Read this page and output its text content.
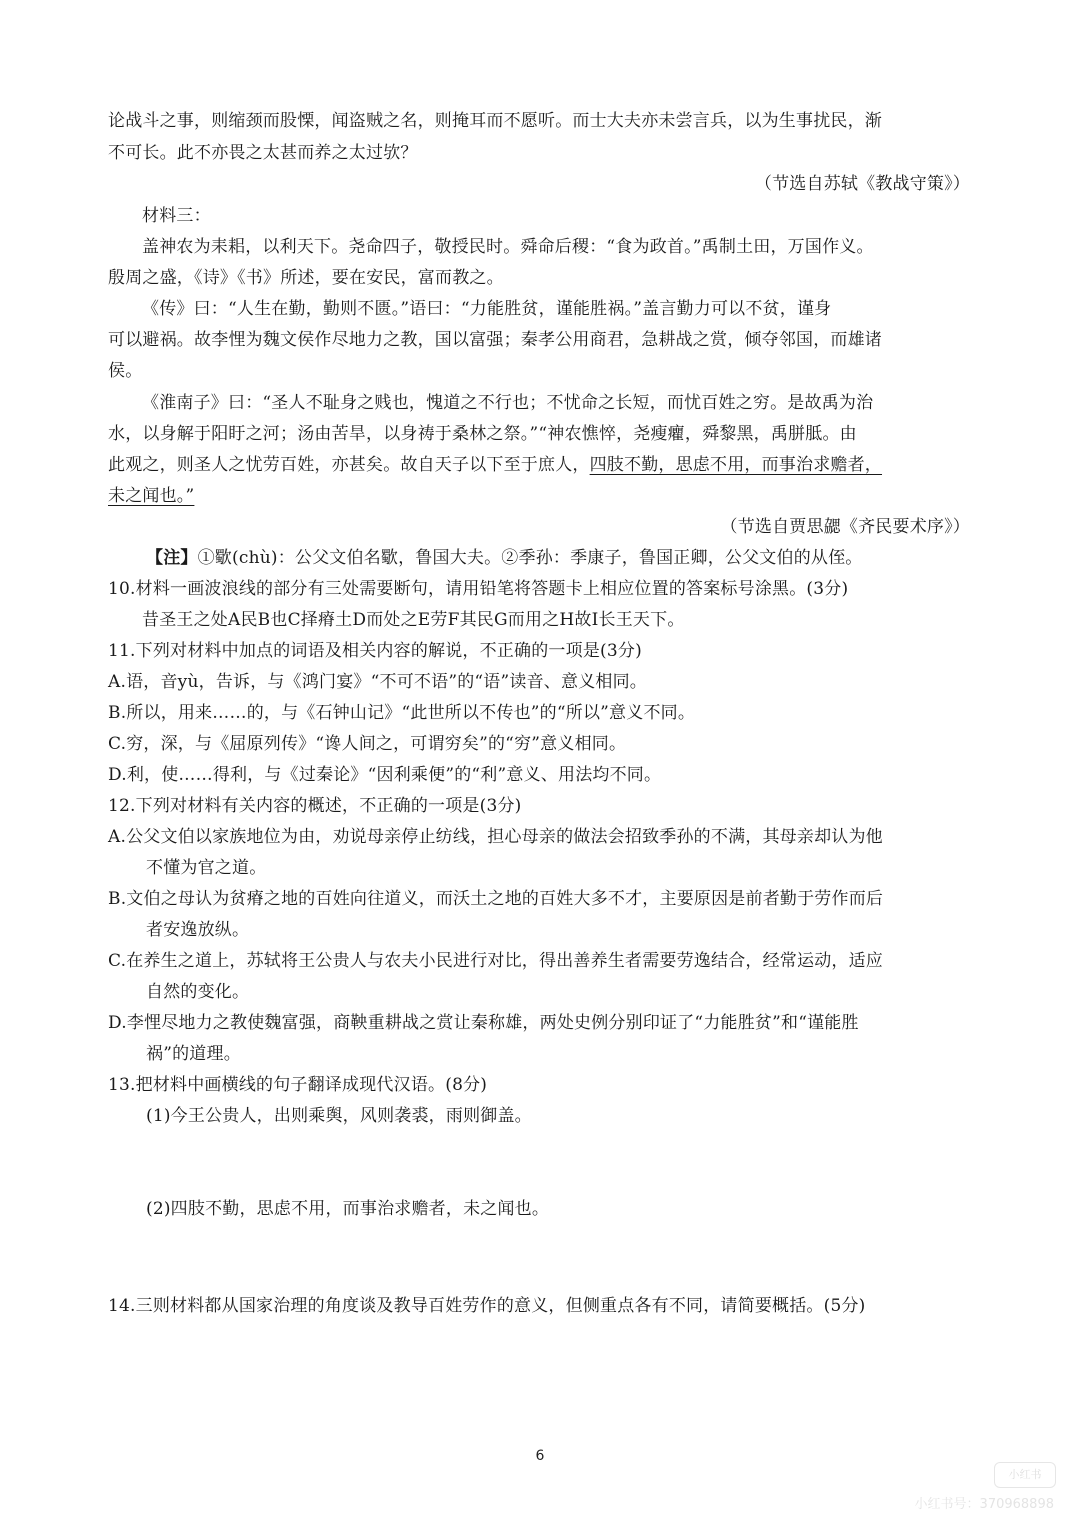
论战斗之事，则缩颈而股慄，闻盗贼之名，则掩耳而不愿听。而士大夫亦未尝言兵，以为生事扰民，渐
不可长。此不亦畏之太甚而养之太过欤？
（节选自苏轼《教战守策》）
材料三：
盖神农为耒耜，以利天下。尧命四子，敬授民时。舜命后稷：“食为政首。”禹制土田，万国作义。
殷周之盛，《诗》《书》所述，要在安民，富而教之。
《传》曰：“人生在勤，勤则不匮。”语曰：“力能胜贫，谨能胜祸。”盖言勤力可以不贫，谨身
可以避祸。故李悝为魏文侯作尽地力之教，国以富强；秦孝公用商君，急耕战之赏，倾夺邻国，而雄诸
侯。
《淮南子》曰：“圣人不耻身之贱也，愧道之不行也；不忧命之长短，而忧百姓之穷。是故禹为治
水，以身解于阳盱之河；汤由苦旱，以身祷于桑林之祭。”“神农憔悴，尧瘦癯，舜黎黑，禹胼胝。由
此观之，则圣人之忧劳百姓，亦甚矣。故自天子以下至于庶人，四肢不勤，思虑不用，而事治求赡者，
未之闻也。”
（节选自贾思勰《齐民要术序》）
【注】①歜(chù)：公父文伯名歜，鲁国大夫。②季孙：季康子，鲁国正卿，公父文伯的从侄。
10.材料一画波浪线的部分有三处需要断句，请用铅笔将答题卡上相应位置的答案标号涂黑。(3分)
昔圣王之处A民B也C择瘠土D而处之E劳F其民G而用之H故I长王天下。
11.下列对材料中加点的词语及相关内容的解说，不正确的一项是(3分)
A.语，音yù，告诉，与《鸿门宴》“不可不语”的“语”读音、意义相同。
B.所以，用来……的，与《石钟山记》“此世所以不传也”的“所以”意义不同。
C.穷，深，与《屈原列传》“谗人间之，可谓穷矣”的“穷”意义相同。
D.利，使……得利，与《过秦论》“因利乘便”的“利”意义、用法均不同。
12.下列对材料有关内容的概述，不正确的一项是(3分)
A.公父文伯以家族地位为由，劝说母亲停止纺线，担心母亲的做法会招致季孙的不满，其母亲却认为他
不懂为官之道。
B.文伯之母认为贫瘠之地的百姓向往道义，而沃土之地的百姓大多不才，主要原因是前者勤于劳作而后
者安逸放纵。
C.在养生之道上，苏轼将王公贵人与农夫小民进行对比，得出善养生者需要劳逸结合，经常运动，适应
自然的变化。
D.李悝尽地力之教使魏富强，商鞅重耕战之赏让秦称雄，两处史例分别印证了“力能胜贫”和“谨能胜
祸”的道理。
13.把材料中画横线的句子翻译成现代汉语。(8分)
(1)今王公贵人，出则乘舆，风则袭裘，雨则御盖。
(2)四肢不勤，思虑不用，而事治求赡者，未之闻也。
14.三则材料都从国家治理的角度谈及教导百姓劳作的意义，但侧重点各有不同，请简要概括。(5分)
6
小红书
小红书号：370968898
